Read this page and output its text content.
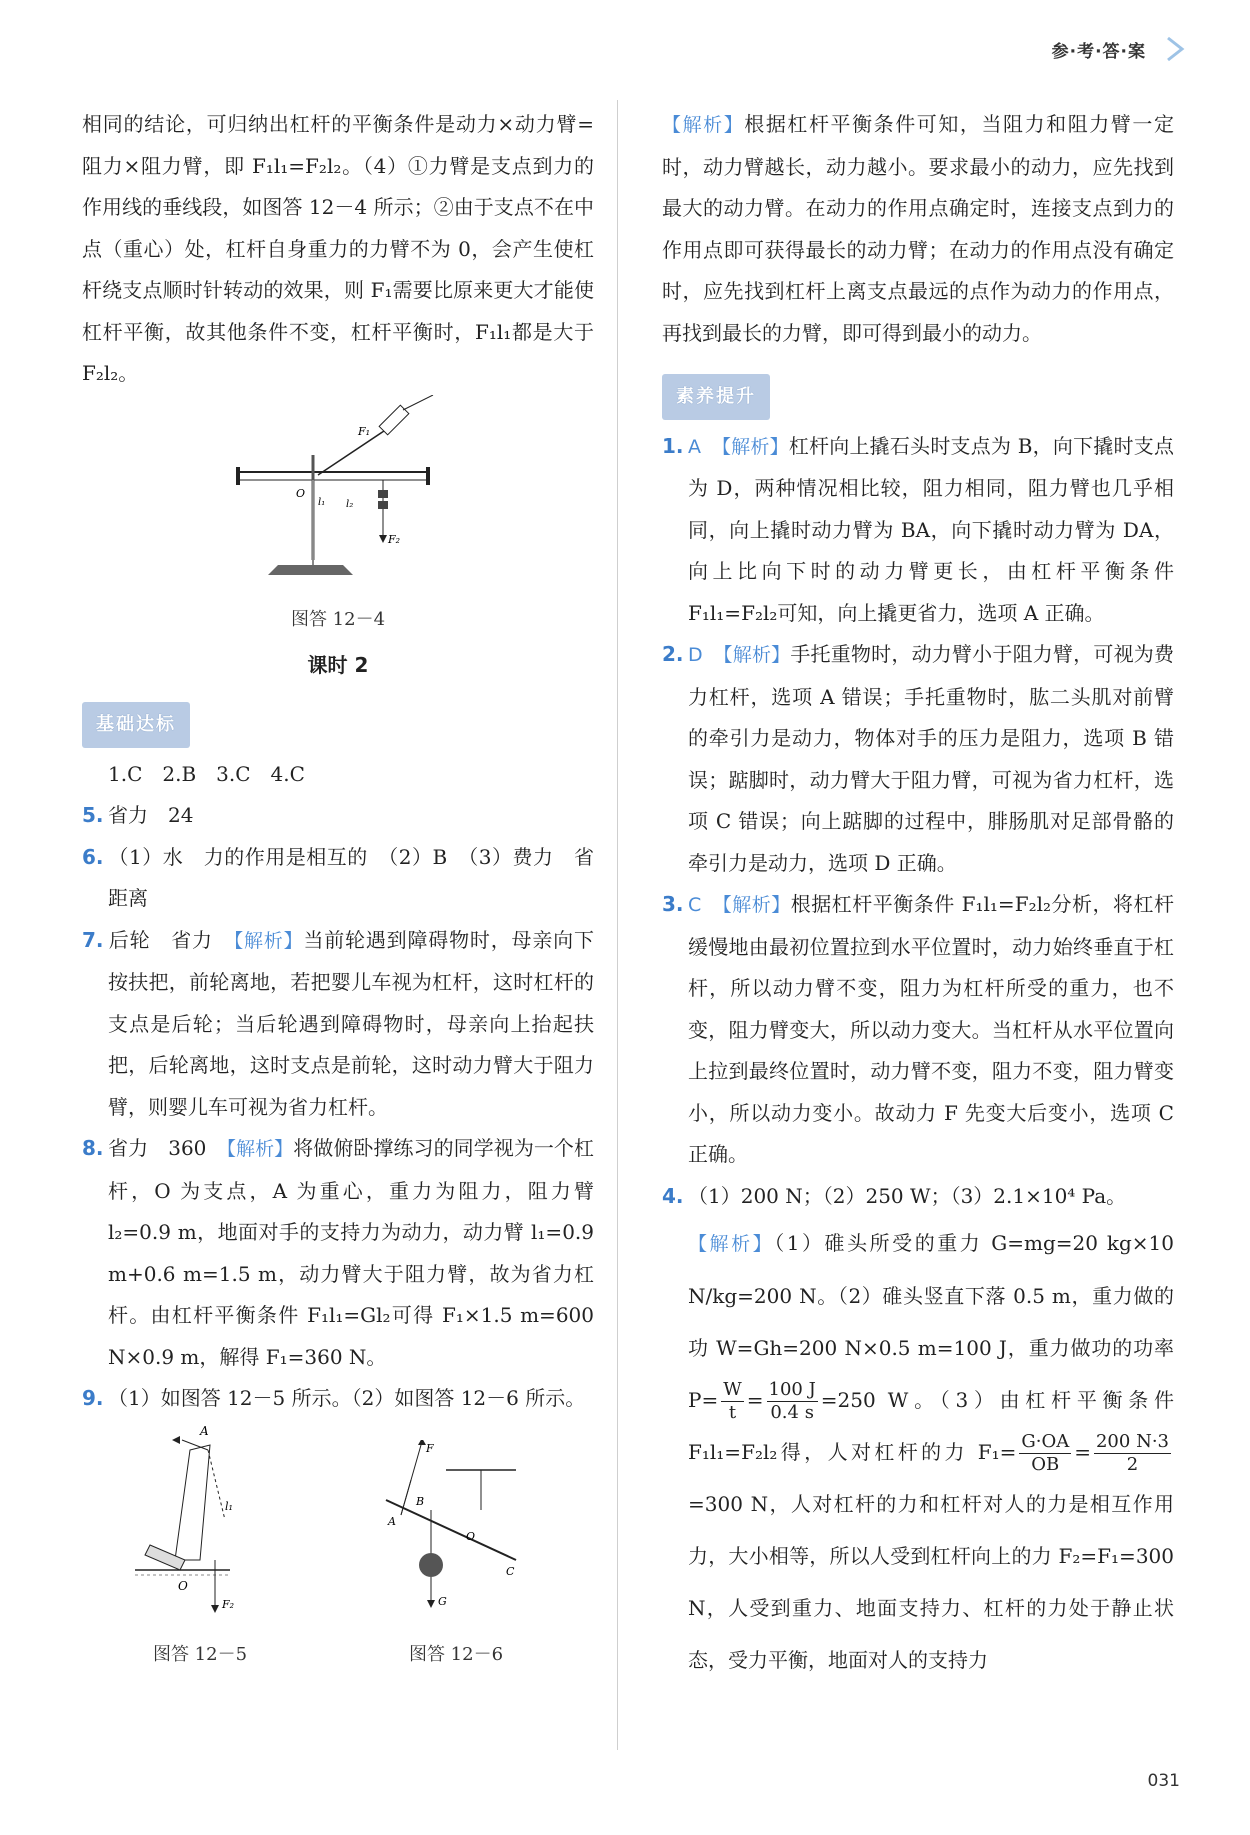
参·考·答·案

相同的结论，可归纳出杠杆的平衡条件是动力×动力臂=阻力×阻力臂，即 F₁l₁=F₂l₂。（4）①力臂是支点到力的作用线的垂线段，如图答 12－4 所示；②由于支点不在中点（重心）处，杠杆自身重力的力臂不为 0，会产生使杠杆绕支点顺时针转动的效果，则 F₁需要比原来更大才能使杠杆平衡，故其他条件不变，杠杆平衡时，F₁l₁都是大于 F₂l₂。

F₂
F₁
O
l₁ l₂
图答 12－4
课时 2
基础达标

1.C　2.B　3.C　4.C

5. 省力　24

6. （1）水　力的作用是相互的　（2）B　（3）费力　省距离

7. 后轮　省力　 【解析】当前轮遇到障碍物时，母亲向下按扶把，前轮离地，若把婴儿车视为杠杆，这时杠杆的支点是后轮；当后轮遇到障碍物时，母亲向上抬起扶把，后轮离地，这时支点是前轮，这时动力臂大于阻力臂，则婴儿车可视为省力杠杆。

8. 省力　360　 【解析】将做俯卧撑练习的同学视为一个杠杆，O 为支点，A 为重心，重力为阻力，阻力臂 l₂=0.9 m，地面对手的支持力为动力，动力臂 l₁=0.9 m+0.6 m=1.5 m，动力臂大于阻力臂，故为省力杠杆。由杠杆平衡条件 F₁l₁=Gl₂可得 F₁×1.5 m=600 N×0.9 m，解得 F₁=360 N。

9. （1）如图答 12－5 所示。（2）如图答 12－6 所示。

A
l₁
F₂
O
图答 12－5
F
A
B
O
C
G
图答 12－6

【解析】根据杠杆平衡条件可知，当阻力和阻力臂一定时，动力臂越长，动力越小。要求最小的动力，应先找到最大的动力臂。在动力的作用点确定时，连接支点到力的作用点即可获得最长的动力臂；在动力的作用点没有确定时，应先找到杠杆上离支点最远的点作为动力的作用点，再找到最长的力臂，即可得到最小的动力。

素养提升

1. A　 【解析】杠杆向上撬石头时支点为 B，向下撬时支点为 D，两种情况相比较，阻力相同，阻力臂也几乎相同，向上撬时动力臂为 BA，向下撬时动力臂为 DA，向上比向下时的动力臂更长，由杠杆平衡条件 F₁l₁=F₂l₂可知，向上撬更省力，选项 A 正确。

2. D　 【解析】手托重物时，动力臂小于阻力臂，可视为费力杠杆，选项 A 错误；手托重物时，肱二头肌对前臂的牵引力是动力，物体对手的压力是阻力，选项 B 错误；踮脚时，动力臂大于阻力臂，可视为省力杠杆，选项 C 错误；向上踮脚的过程中，腓肠肌对足部骨骼的牵引力是动力，选项 D 正确。

3. C　 【解析】根据杠杆平衡条件 F₁l₁=F₂l₂分析，将杠杆缓慢地由最初位置拉到水平位置时，动力始终垂直于杠杆，所以动力臂不变，阻力为杠杆所受的重力，也不变，阻力臂变大，所以动力变大。当杠杆从水平位置向上拉到最终位置时，动力臂不变，阻力不变，阻力臂变小，所以动力变小。故动力 F 先变大后变小，选项 C 正确。

4. （1）200 N；（2）250 W；（3）2.1×10⁴ Pa。

【解析】（1）碓头所受的重力 G=mg=20 kg×10 N/kg=200 N。（2）碓头竖直下落 0.5 m，重力做的功 W=Gh=200 N×0.5 m=100 J，重力做功的功率 $P= \frac{W}{t} = \frac{100 J}{0.4 s} =250$ W。（3）由杠杆平衡条件 F₁l₁=F₂l₂得，人对杠杆的力 $F_1= \frac{G\cdot OA}{OB} = \frac{200 N\cdot 3}{2}$
=300 N，人对杠杆的力和杠杆对人的力是相互作用力，大小相等，所以人受到杠杆向上的力 F₂=F₁=300 N，人受到重力、地面支持力、杠杆的力处于静止状态，受力平衡，地面对人的支持力

031
